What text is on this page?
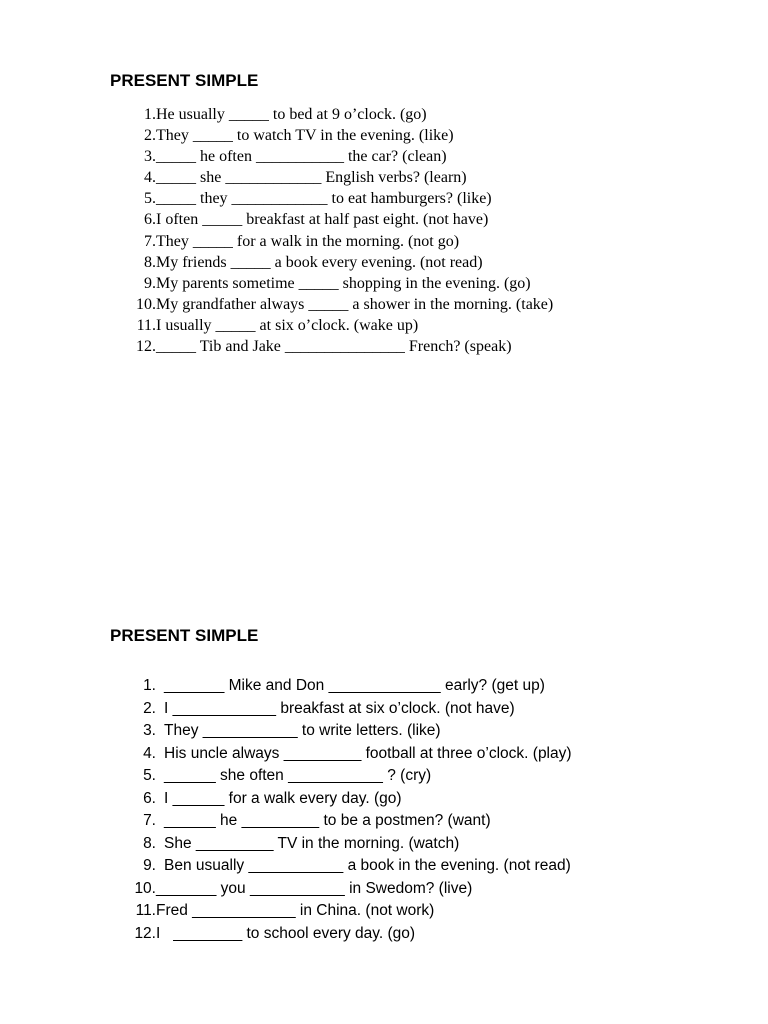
PRESENT SIMPLE
1. He usually _____ to bed at 9 o’clock. (go)
2. They _____ to watch TV in the evening. (like)
3. _____ he often ___________ the car? (clean)
4. _____ she ____________ English verbs? (learn)
5. _____ they ____________ to eat hamburgers? (like)
6. I often _____ breakfast at half past eight. (not have)
7. They _____ for a walk in the morning. (not go)
8. My friends _____ a book every evening. (not read)
9. My parents sometime _____ shopping in the evening. (go)
10. My grandfather always _____ a shower in the morning. (take)
11. I usually _____ at six o’clock. (wake up)
12. _____ Tib and Jake _______________ French? (speak)
PRESENT SIMPLE
1. _______ Mike and Don _____________ early? (get up)
2. I ____________ breakfast at six o’clock. (not have)
3. They ___________ to write letters. (like)
4. His uncle always _________ football at three o’clock. (play)
5. ______ she often ___________ ? (cry)
6. I ______ for a walk every day. (go)
7. ______ he _________ to be a postmen? (want)
8. She _________ TV in the morning. (watch)
9. Ben usually ___________ a book in the evening. (not read)
10. _______ you ___________ in Swedom? (live)
11. Fred ____________ in China. (not work)
12. I   ________ to school every day. (go)
